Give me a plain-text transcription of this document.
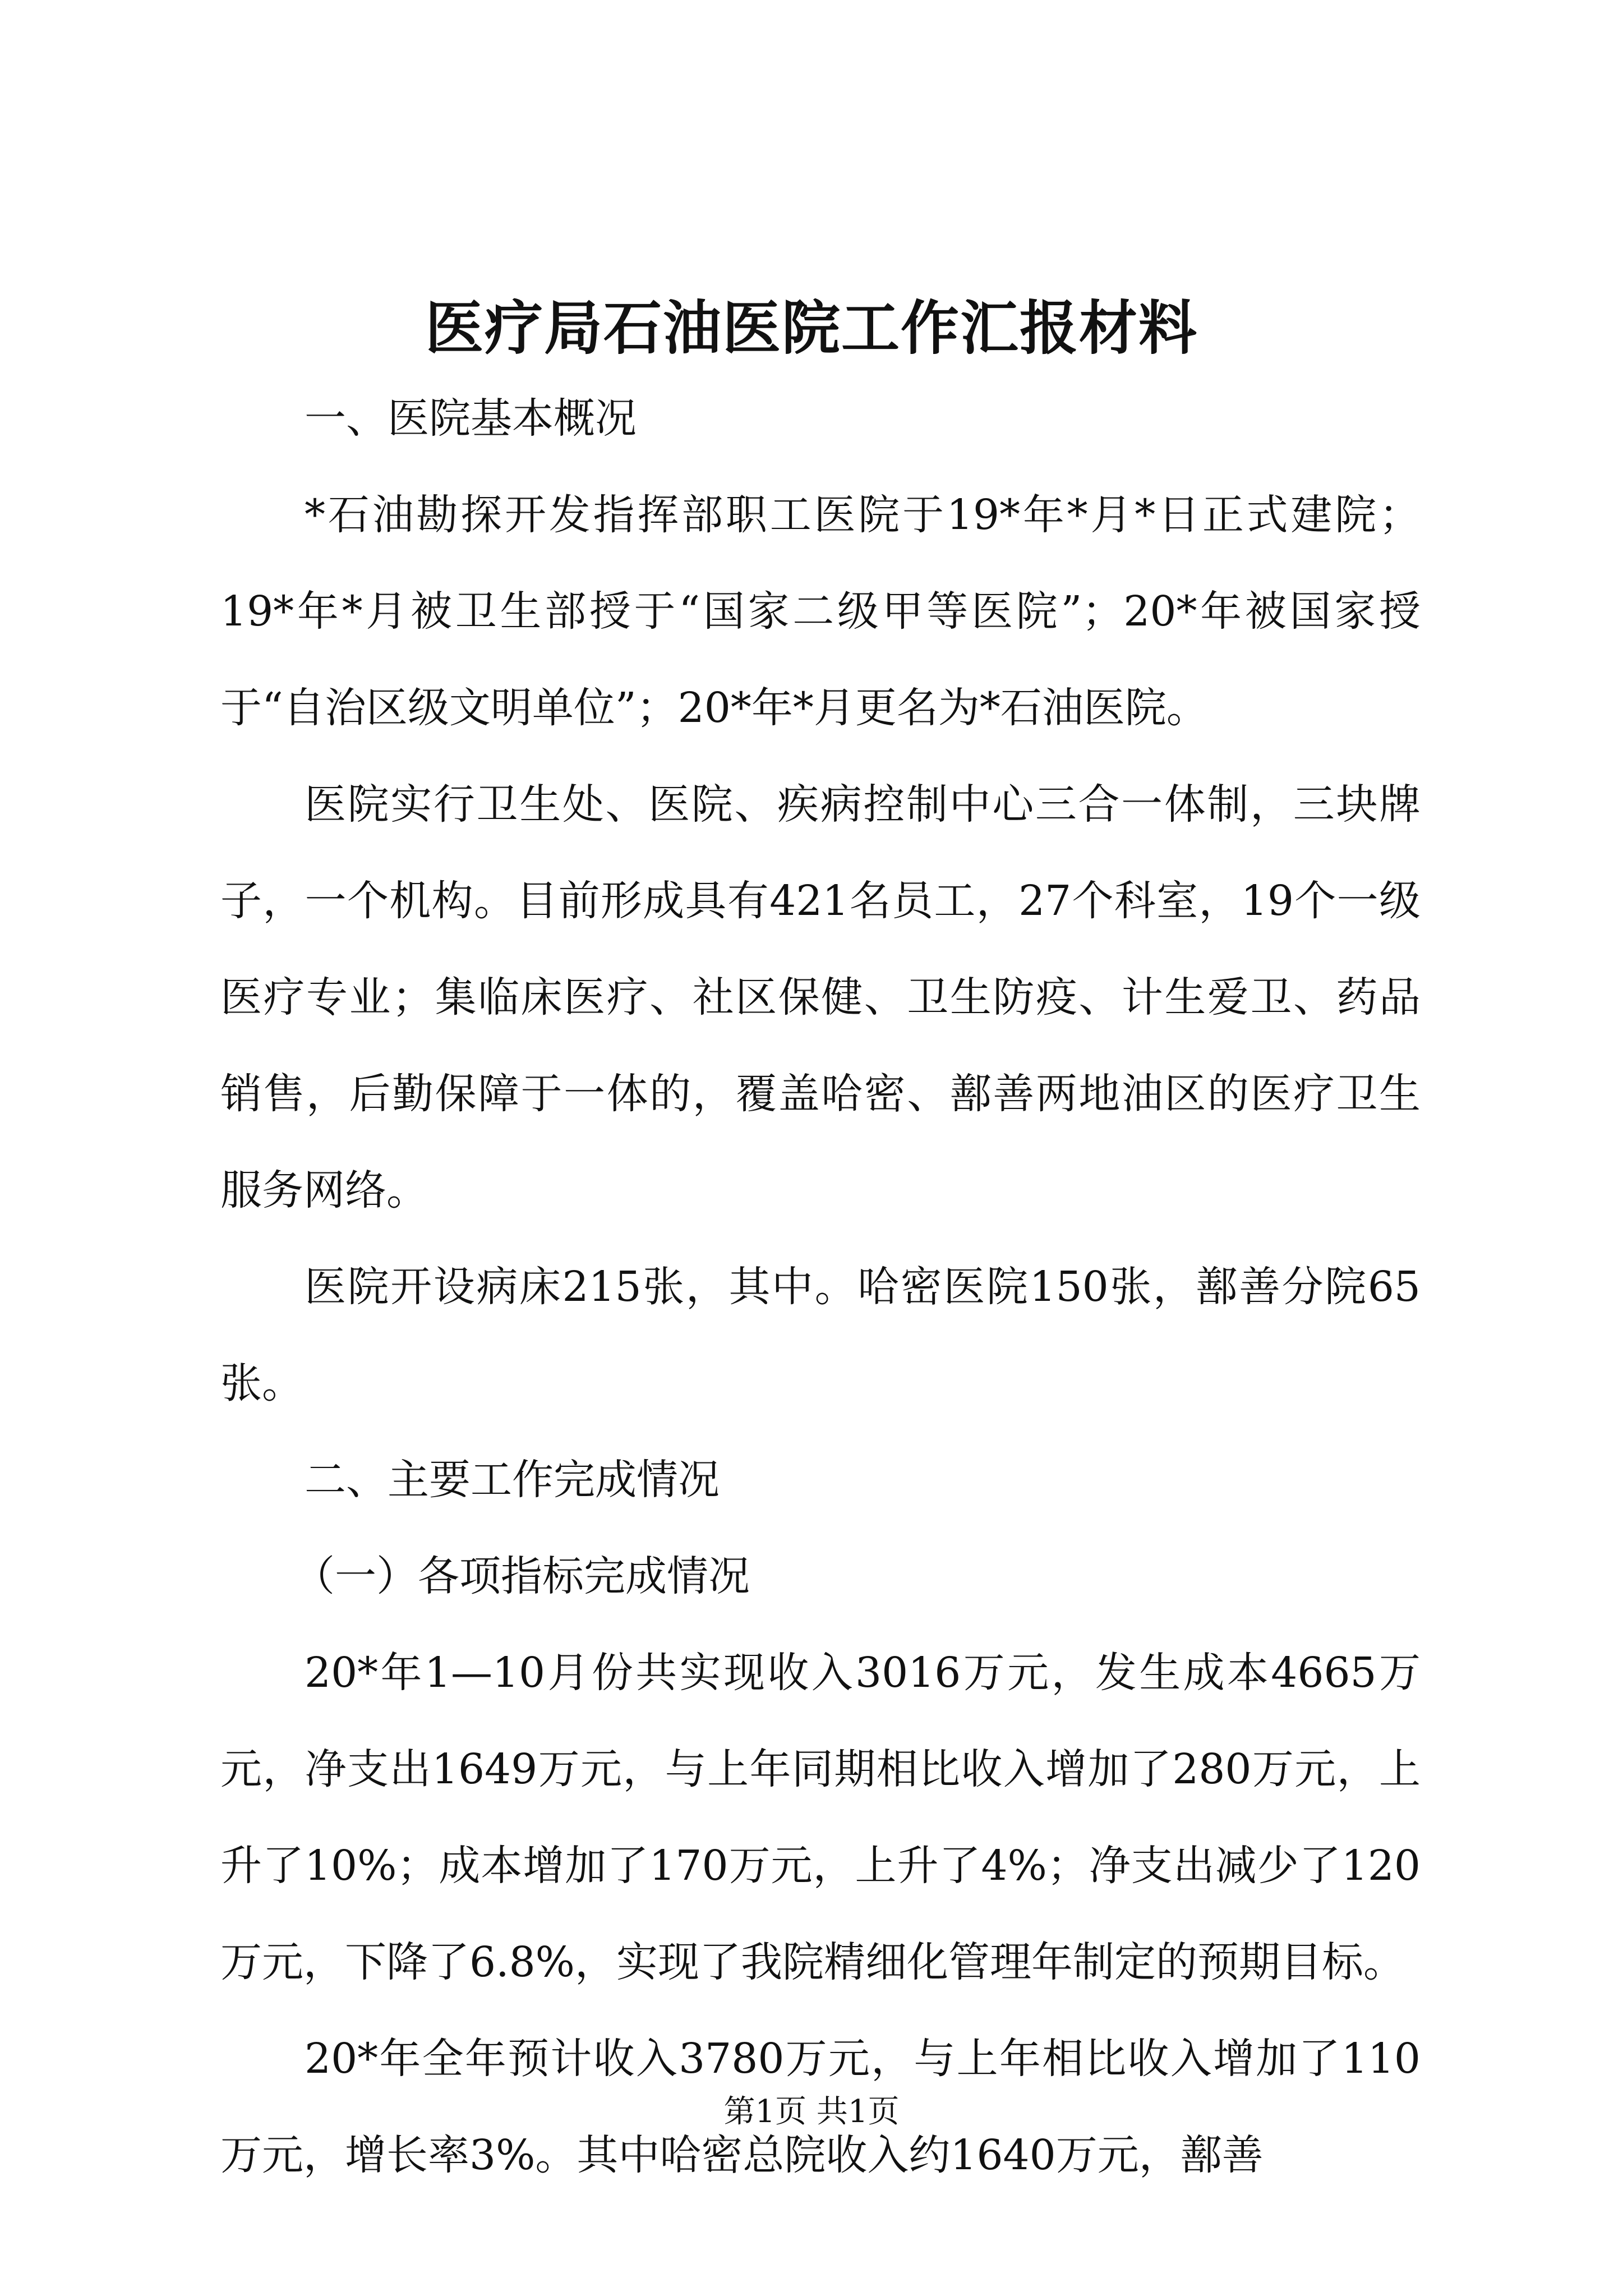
医疗局石油医院工作汇报材料

一、医院基本概况

*石油勘探开发指挥部职工医院于19*年*月*日正式建院；19*年*月被卫生部授于“国家二级甲等医院”；20*年被国家授于“自治区级文明单位”；20*年*月更名为*石油医院。

医院实行卫生处、医院、疾病控制中心三合一体制，三块牌子，一个机构。目前形成具有421名员工，27个科室，19个一级医疗专业；集临床医疗、社区保健、卫生防疫、计生爱卫、药品销售，后勤保障于一体的，覆盖哈密、鄯善两地油区的医疗卫生服务网络。

医院开设病床215张，其中。哈密医院150张，鄯善分院65张。

二、主要工作完成情况

（一）各项指标完成情况

20*年1—10月份共实现收入3016万元，发生成本4665万元，净支出1649万元，与上年同期相比收入增加了280万元，上升了10%；成本增加了170万元，上升了4%；净支出减少了120万元，下降了6.8%，实现了我院精细化管理年制定的预期目标。

20*年全年预计收入3780万元，与上年相比收入增加了110万元，增长率3%。其中哈密总院收入约1640万元，鄯善

第1页 共1页
